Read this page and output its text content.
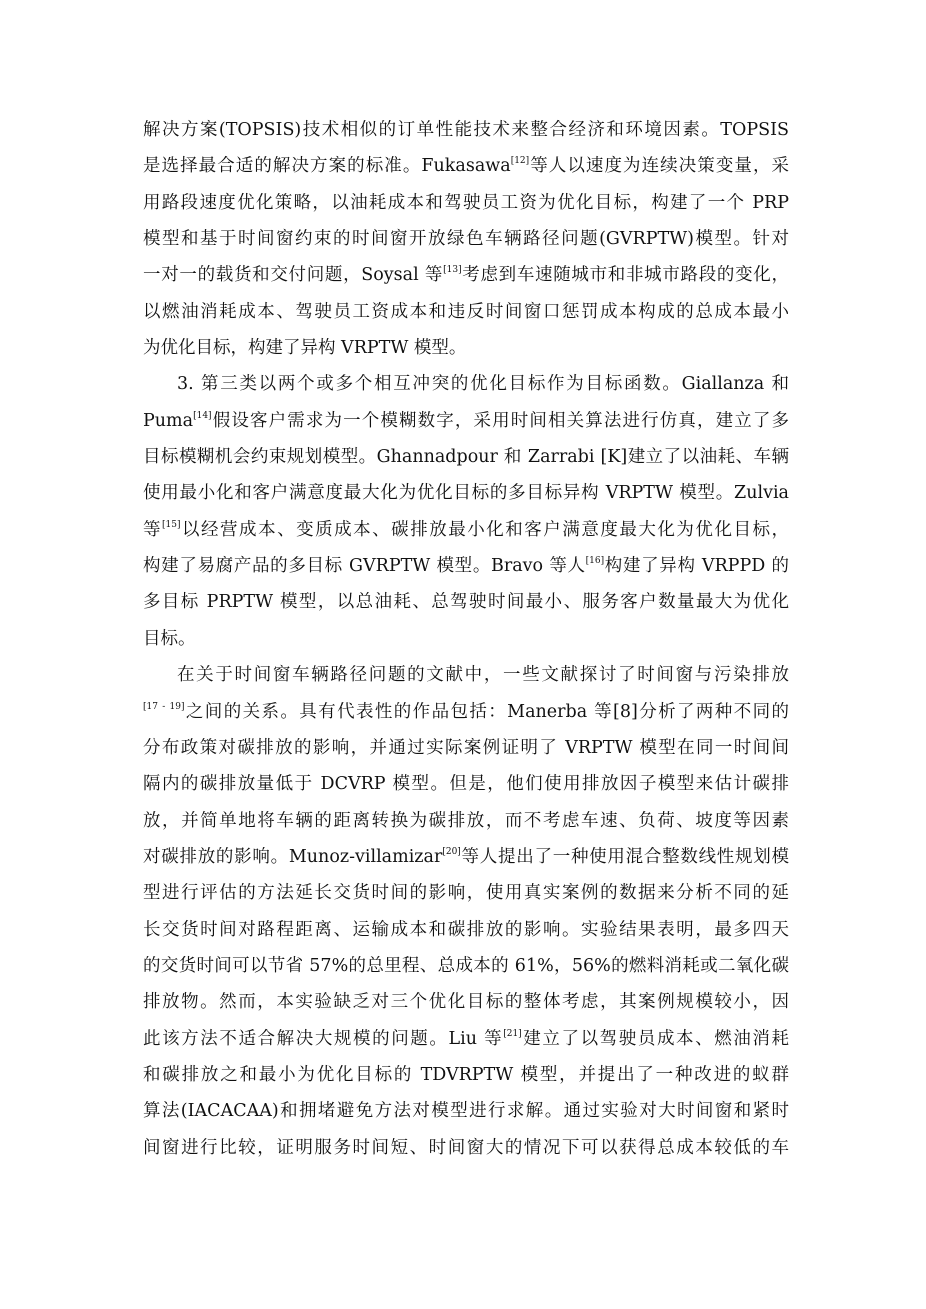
解决方案(TOPSIS)技术相似的订单性能技术来整合经济和环境因素。TOPSIS
是选择最合适的解决方案的标准。Fukasawa[12]等人以速度为连续决策变量，采
用路段速度优化策略，以油耗成本和驾驶员工资为优化目标，构建了一个 PRP
模型和基于时间窗约束的时间窗开放绿色车辆路径问题(GVRPTW)模型。针对
一对一的载货和交付问题，Soysal 等[13]考虑到车速随城市和非城市路段的变化，
以燃油消耗成本、驾驶员工资成本和违反时间窗口惩罚成本构成的总成本最小
为优化目标，构建了异构 VRPTW 模型。
3. 第三类以两个或多个相互冲突的优化目标作为目标函数。Giallanza 和
Puma[14]假设客户需求为一个模糊数字，采用时间相关算法进行仿真，建立了多
目标模糊机会约束规划模型。Ghannadpour 和 Zarrabi [K]建立了以油耗、车辆
使用最小化和客户满意度最大化为优化目标的多目标异构 VRPTW 模型。Zulvia
等[15]以经营成本、变质成本、碳排放最小化和客户满意度最大化为优化目标，
构建了易腐产品的多目标 GVRPTW 模型。Bravo 等人[16]构建了异构 VRPPD 的
多目标 PRPTW 模型，以总油耗、总驾驶时间最小、服务客户数量最大为优化
目标。
在关于时间窗车辆路径问题的文献中，一些文献探讨了时间窗与污染排放
[17 - 19]之间的关系。具有代表性的作品包括：Manerba 等[8]分析了两种不同的
分布政策对碳排放的影响，并通过实际案例证明了 VRPTW 模型在同一时间间
隔内的碳排放量低于 DCVRP 模型。但是，他们使用排放因子模型来估计碳排
放，并简单地将车辆的距离转换为碳排放，而不考虑车速、负荷、坡度等因素
对碳排放的影响。Munoz-villamizar[20]等人提出了一种使用混合整数线性规划模
型进行评估的方法延长交货时间的影响，使用真实案例的数据来分析不同的延
长交货时间对路程距离、运输成本和碳排放的影响。实验结果表明，最多四天
的交货时间可以节省 57%的总里程、总成本的 61%，56%的燃料消耗或二氧化碳
排放物。然而，本实验缺乏对三个优化目标的整体考虑，其案例规模较小，因
此该方法不适合解决大规模的问题。Liu 等[21]建立了以驾驶员成本、燃油消耗
和碳排放之和最小为优化目标的 TDVRPTW 模型，并提出了一种改进的蚁群
算法(IACACAA)和拥堵避免方法对模型进行求解。通过实验对大时间窗和紧时
间窗进行比较，证明服务时间短、时间窗大的情况下可以获得总成本较低的车
